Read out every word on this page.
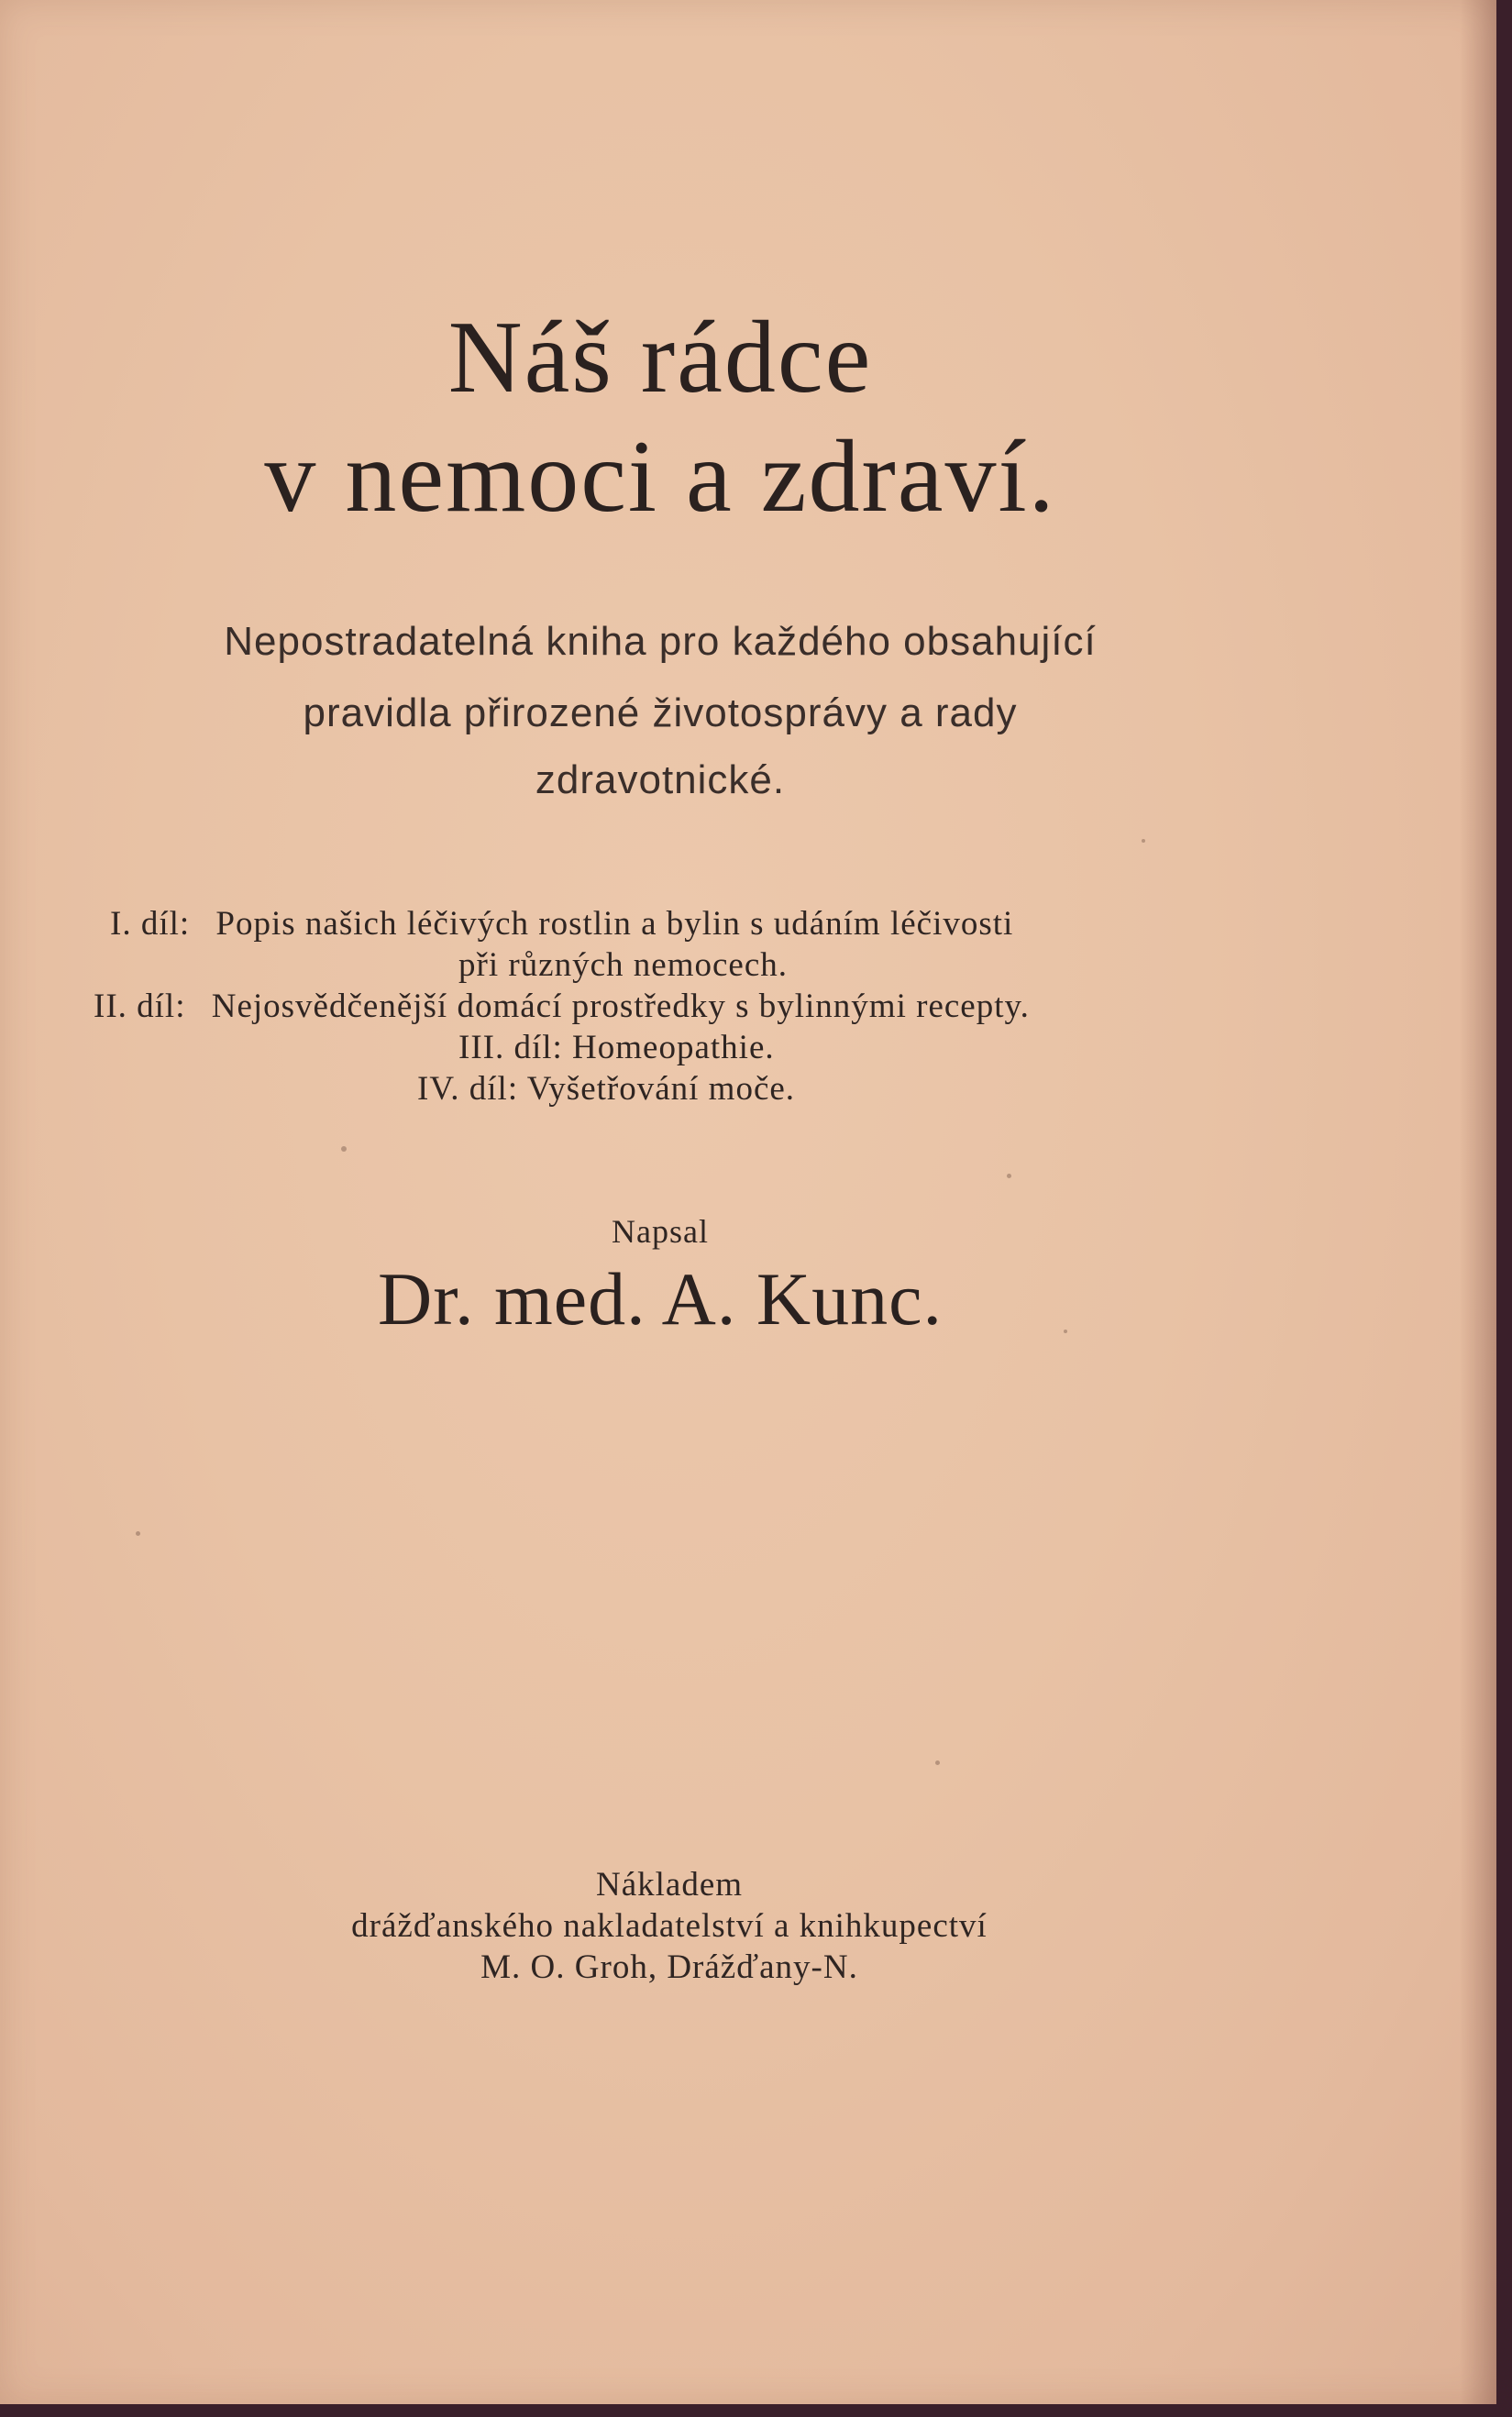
Náš rádce
v nemoci a zdraví.
Nepostradatelná kniha pro každého obsahující
pravidla přirozené životosprávy a rady
zdravotnické.
I. díl: Popis našich léčivých rostlin a bylin s udáním léčivosti
při různých nemocech.
II. díl: Nejosvědčenější domácí prostředky s bylinnými recepty.
III. díl: Homeopathie.
IV. díl: Vyšetřování moče.
Napsal
Dr. med. A. Kunc.
Nákladem
drážďanského nakladatelství a knihkupectví
M. O. Groh, Drážďany-N.
